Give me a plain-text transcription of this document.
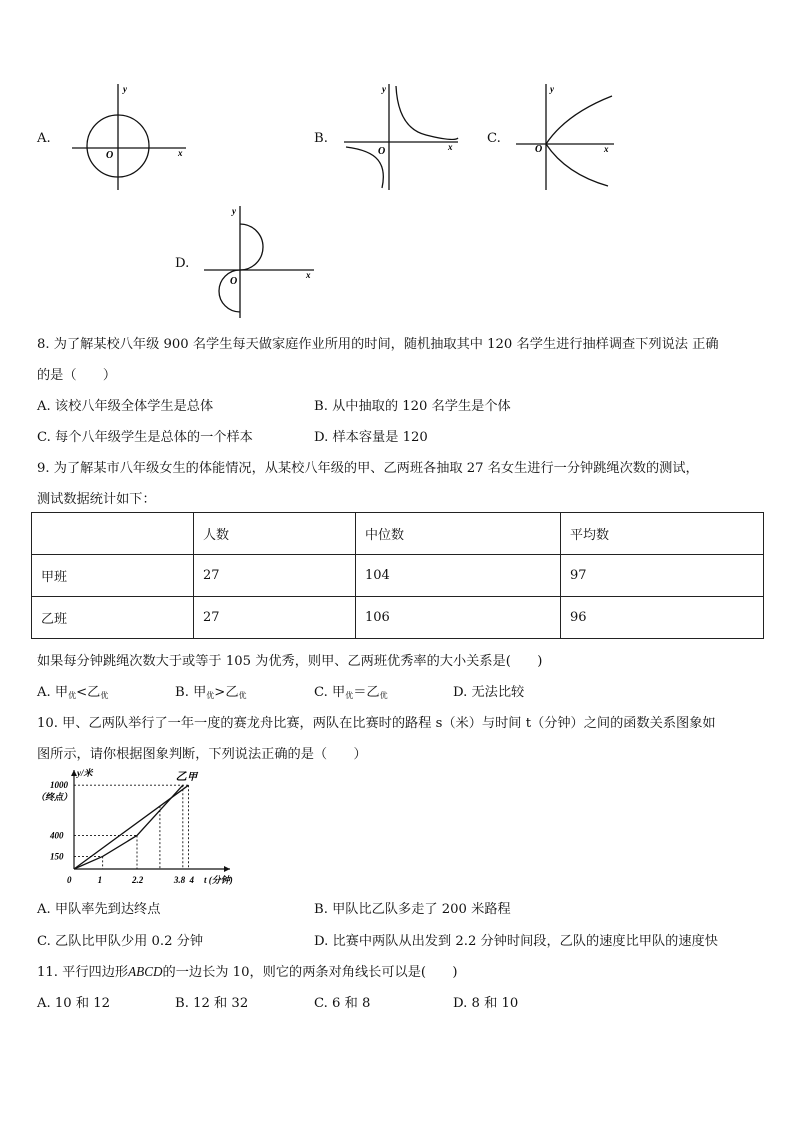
A.
y
x
O
B.
y
x
O
C.
y
x
O
D.
y
x
O
8. 为了解某校八年级 900 名学生每天做家庭作业所用的时间，随机抽取其中 120 名学生进行抽样调查下列说法 正确
的是（　　）
A. 该校八年级全体学生是总体	B. 从中抽取的 120 名学生是个体
C. 每个八年级学生是总体的一个样本	D. 样本容量是 120
9. 为了解某市八年级女生的体能情况，从某校八年级的甲、乙两班各抽取 27 名女生进行一分钟跳绳次数的测试，
测试数据统计如下：
	人数	中位数	平均数
甲班	27	104	97
乙班	27	106	96
如果每分钟跳绳次数大于或等于 105 为优秀，则甲、乙两班优秀率的大小关系是(　　)
A. 甲$_优$<乙$_优$	B. 甲$_优$>乙$_优$	C. 甲$_优$＝乙$_优$	D. 无法比较
10. 甲、乙两队举行了一年一度的赛龙舟比赛，两队在比赛时的路程 s（米）与时间 t（分钟）之间的函数关系图象如
图所示，请你根据图象判断，下列说法正确的是（　　）
乙 甲
150
400
1000
（终点）
y/米
1	2.2	3.8 4
0	t (分钟)
A. 甲队率先到达终点	B. 甲队比乙队多走了 200 米路程
C. 乙队比甲队少用 0.2 分钟	D. 比赛中两队从出发到 2.2 分钟时间段，乙队的速度比甲队的速度快
11. 平行四边形ABCD的一边长为 10，则它的两条对角线长可以是(　　)
A. 10 和 12	B. 12 和 32	C. 6 和 8	D. 8 和 10
